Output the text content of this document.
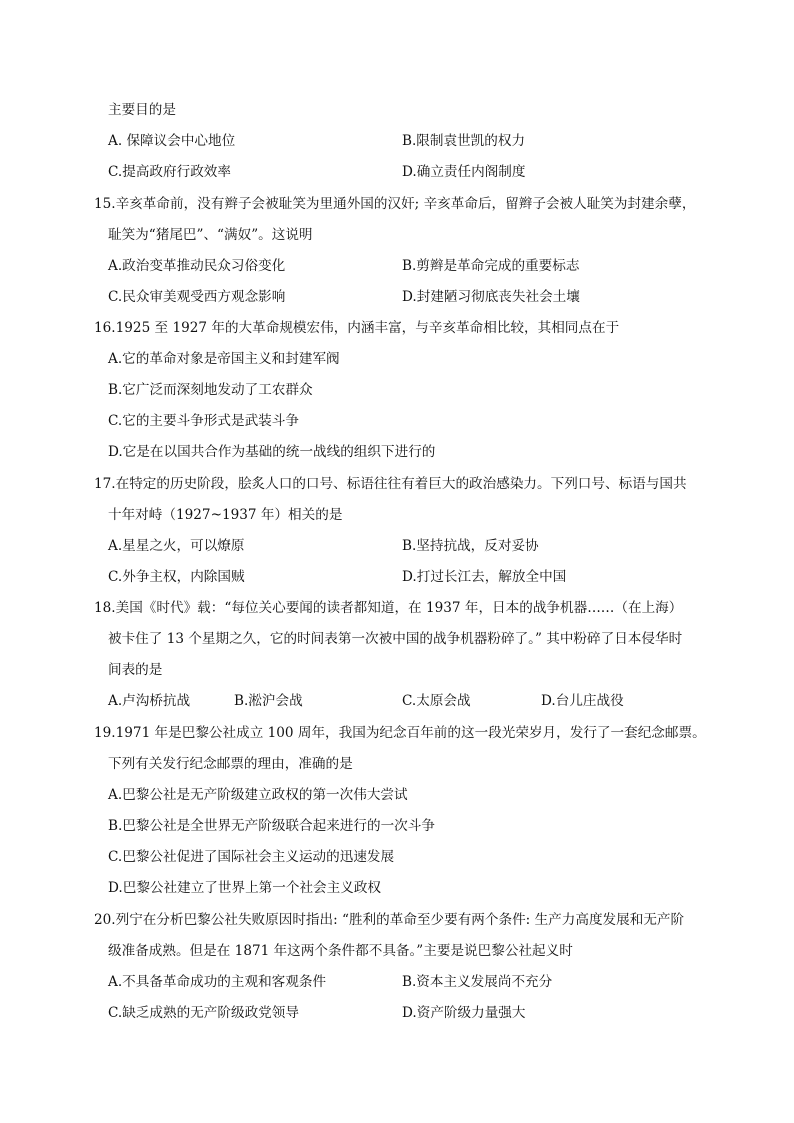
主要目的是
A. 保障议会中心地位	B.限制袁世凯的权力
C.提高政府行政效率	D.确立责任内阁制度
15.辛亥革命前，没有辫子会被耻笑为里通外国的汉奸; 辛亥革命后，留辫子会被人耻笑为封建余孽，
耻笑为“猪尾巴”、“满奴”。这说明
A.政治变革推动民众习俗变化	B.剪辫是革命完成的重要标志
C.民众审美观受西方观念影响	D.封建陋习彻底丧失社会土壤
16.1925 至 1927 年的大革命规模宏伟，内涵丰富，与辛亥革命相比较，其相同点在于
A.它的革命对象是帝国主义和封建军阀
B.它广泛而深刻地发动了工农群众
C.它的主要斗争形式是武装斗争
D.它是在以国共合作为基础的统一战线的组织下进行的
17.在特定的历史阶段，脍炙人口的口号、标语往往有着巨大的政治感染力。下列口号、标语与国共
十年对峙（1927~1937 年）相关的是
A.星星之火，可以燎原	B.坚持抗战，反对妥协
C.外争主权，内除国贼	D.打过长江去，解放全中国
18.美国《时代》载：“每位关心要闻的读者都知道，在 1937 年，日本的战争机器……（在上海）
被卡住了 13 个星期之久，它的时间表第一次被中国的战争机器粉碎了。” 其中粉碎了日本侵华时
间表的是
A.卢沟桥抗战	B.淞沪会战	C.太原会战	D.台儿庄战役
19.1971 年是巴黎公社成立 100 周年，我国为纪念百年前的这一段光荣岁月，发行了一套纪念邮票。
下列有关发行纪念邮票的理由，准确的是
A.巴黎公社是无产阶级建立政权的第一次伟大尝试
B.巴黎公社是全世界无产阶级联合起来进行的一次斗争
C.巴黎公社促进了国际社会主义运动的迅速发展
D.巴黎公社建立了世界上第一个社会主义政权
20.列宁在分析巴黎公社失败原因时指出: “胜利的革命至少要有两个条件: 生产力高度发展和无产阶
级准备成熟。但是在 1871 年这两个条件都不具备。”主要是说巴黎公社起义时
A.不具备革命成功的主观和客观条件	B.资本主义发展尚不充分
C.缺乏成熟的无产阶级政党领导	D.资产阶级力量强大
